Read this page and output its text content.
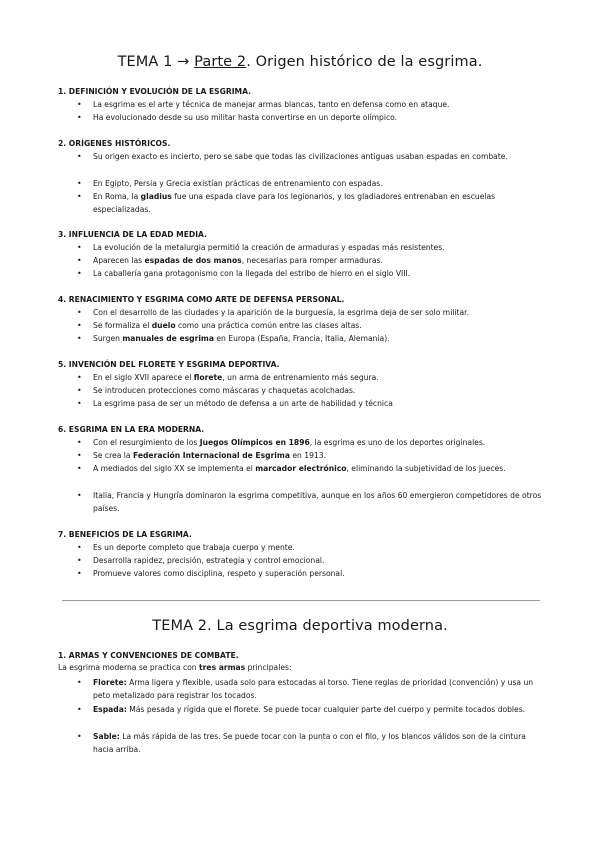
TEMA 1 → Parte 2. Origen histórico de la esgrima.
1. DEFINICIÓN Y EVOLUCIÓN DE LA ESGRIMA.
• La esgrima es el arte y técnica de manejar armas blancas, tanto en defensa como en ataque.
• Ha evolucionado desde su uso militar hasta convertirse en un deporte olímpico.
2. ORÍGENES HISTÓRICOS.
• Su origen exacto es incierto, pero se sabe que todas las civilizaciones antiguas usaban espadas en combate.
• En Egipto, Persia y Grecia existían prácticas de entrenamiento con espadas.
• En Roma, la gladius fue una espada clave para los legionarios, y los gladiadores entrenaban en escuelas especializadas.
3. INFLUENCIA DE LA EDAD MEDIA.
• La evolución de la metalurgia permitió la creación de armaduras y espadas más resistentes.
• Aparecen las espadas de dos manos, necesarias para romper armaduras.
• La caballería gana protagonismo con la llegada del estribo de hierro en el siglo VIII.
4. RENACIMIENTO Y ESGRIMA COMO ARTE DE DEFENSA PERSONAL.
• Con el desarrollo de las ciudades y la aparición de la burguesía, la esgrima deja de ser solo militar.
• Se formaliza el duelo como una práctica común entre las clases altas.
• Surgen manuales de esgrima en Europa (España, Francia, Italia, Alemania).
5. INVENCIÓN DEL FLORETE Y ESGRIMA DEPORTIVA.
• En el siglo XVII aparece el florete, un arma de entrenamiento más segura.
• Se introducen protecciones como máscaras y chaquetas acolchadas.
• La esgrima pasa de ser un método de defensa a un arte de habilidad y técnica
6. ESGRIMA EN LA ERA MODERNA.
• Con el resurgimiento de los Juegos Olímpicos en 1896, la esgrima es uno de los deportes originales.
• Se crea la Federación Internacional de Esgrima en 1913.
• A mediados del siglo XX se implementa el marcador electrónico, eliminando la subjetividad de los jueces.
• Italia, Francia y Hungría dominaron la esgrima competitiva, aunque en los años 60 emergieron competidores de otros países.
7. BENEFICIOS DE LA ESGRIMA.
• Es un deporte completo que trabaja cuerpo y mente.
• Desarrolla rapidez, precisión, estrategia y control emocional.
• Promueve valores como disciplina, respeto y superación personal.
TEMA 2. La esgrima deportiva moderna.
1. ARMAS Y CONVENCIONES DE COMBATE.
La esgrima moderna se practica con tres armas principales:
• Florete: Arma ligera y flexible, usada solo para estocadas al torso. Tiene reglas de prioridad (convención) y usa un peto metalizado para registrar los tocados.
• Espada: Más pesada y rígida que el florete. Se puede tocar cualquier parte del cuerpo y permite tocados dobles.
• Sable: La más rápida de las tres. Se puede tocar con la punta o con el filo, y los blancos válidos son de la cintura hacia arriba.
